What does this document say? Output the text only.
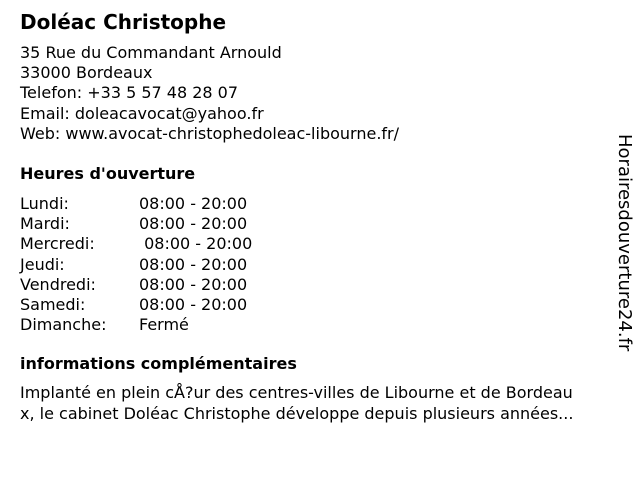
Doléac Christophe
35 Rue du Commandant Arnould
33000 Bordeaux
Telefon: +33 5 57 48 28 07
Email: doleacavocat@yahoo.fr
Web: www.avocat-christophedoleac-libourne.fr/
Heures d'ouverture
Lundi:	08:00 - 20:00
Mardi:	08:00 - 20:00
Mercredi:	08:00 - 20:00
Jeudi:	08:00 - 20:00
Vendredi:	08:00 - 20:00
Samedi:	08:00 - 20:00
Dimanche:	Fermé
informations complémentaires
Implanté en plein cÅ?ur des centres-villes de Libourne et de Bordeau
x, le cabinet Doléac Christophe développe depuis plusieurs années...
Horairesdouverture24.fr
